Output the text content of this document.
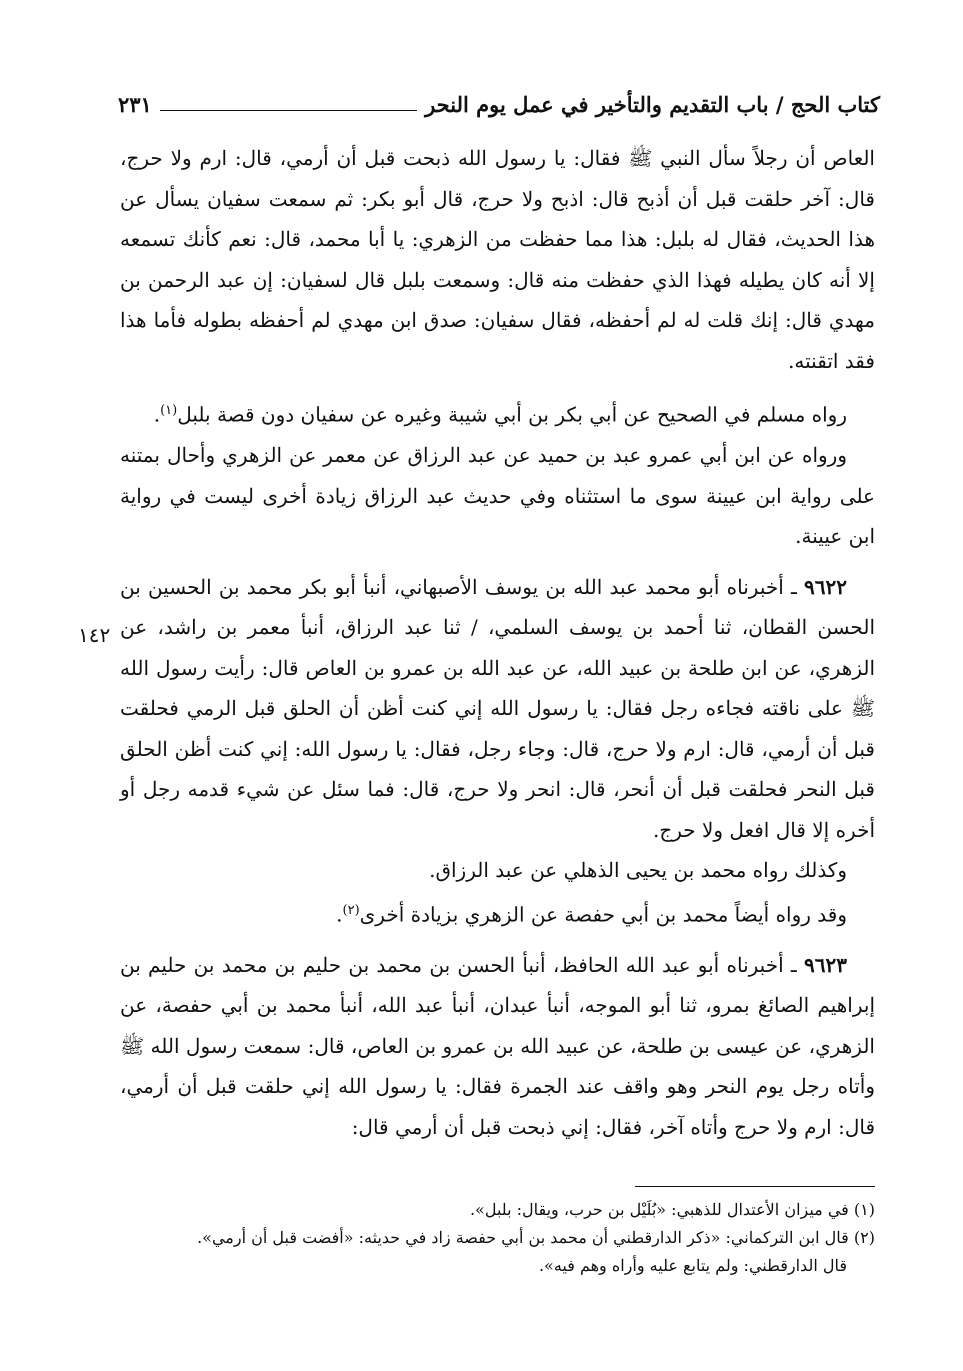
كتاب الحج / باب التقديم والتأخير في عمل يوم النحر
٢٣١

العاص أن رجلاً سأل النبي ﷺ فقال: يا رسول الله ذبحت قبل أن أرمي، قال: ارم ولا حرج، قال: آخر حلقت قبل أن أذبح قال: اذبح ولا حرج، قال أبو بكر: ثم سمعت سفيان يسأل عن هذا الحديث، فقال له بلبل: هذا مما حفظت من الزهري: يا أبا محمد، قال: نعم كأنك تسمعه إلا أنه كان يطيله فهذا الذي حفظت منه قال: وسمعت بلبل قال لسفيان: إن عبد الرحمن بن مهدي قال: إنك قلت له لم أحفظه، فقال سفيان: صدق ابن مهدي لم أحفظه بطوله فأما هذا فقد اتقنته.

رواه مسلم في الصحيح عن أبي بكر بن أبي شيبة وغيره عن سفيان دون قصة بلبل$^{(١)}$.

ورواه عن ابن أبي عمرو عبد بن حميد عن عبد الرزاق عن معمر عن الزهري وأحال بمتنه على رواية ابن عيينة سوى ما استثناه وفي حديث عبد الرزاق زيادة أخرى ليست في رواية ابن عيينة.

٩٦٢٢ ـ أخبرناه أبو محمد عبد الله بن يوسف الأصبهاني، أنبأ أبو بكر محمد بن الحسين بن الحسن القطان، ثنا أحمد بن يوسف السلمي، / ثنا عبد الرزاق، أنبأ معمر بن راشد، عن الزهري، عن ابن طلحة بن عبيد الله، عن عبد الله بن عمرو بن العاص قال: رأيت رسول الله ﷺ على ناقته فجاءه رجل فقال: يا رسول الله إني كنت أظن أن الحلق قبل الرمي فحلقت قبل أن أرمي، قال: ارم ولا حرج، قال: وجاء رجل، فقال: يا رسول الله: إني كنت أظن الحلق قبل النحر فحلقت قبل أن أنحر، قال: انحر ولا حرج، قال: فما سئل عن شيء قدمه رجل أو أخره إلا قال افعل ولا حرج.

وكذلك رواه محمد بن يحيى الذهلي عن عبد الرزاق.

وقد رواه أيضاً محمد بن أبي حفصة عن الزهري بزيادة أخرى$^{(٢)}$.

٩٦٢٣ ـ أخبرناه أبو عبد الله الحافظ، أنبأ الحسن بن محمد بن حليم بن محمد بن حليم بن إبراهيم الصائغ بمرو، ثنا أبو الموجه، أنبأ عبدان، أنبأ عبد الله، أنبأ محمد بن أبي حفصة، عن الزهري، عن عيسى بن طلحة، عن عبيد الله بن عمرو بن العاص، قال: سمعت رسول الله ﷺ وأتاه رجل يوم النحر وهو واقف عند الجمرة فقال: يا رسول الله إني حلقت قبل أن أرمي، قال: ارم ولا حرج وأتاه آخر، فقال: إني ذبحت قبل أن أرمي قال:

١٤٢

(١) في ميزان الأعتدال للذهبي: «بُلَيْل بن حرب، ويقال: بلبل».

(٢) قال ابن التركماني: «ذكر الدارقطني أن محمد بن أبي حفصة زاد في حديثه: «أفضت قبل أن أرمي».

قال الدارقطني: ولم يتابع عليه وأراه وهم فيه».
